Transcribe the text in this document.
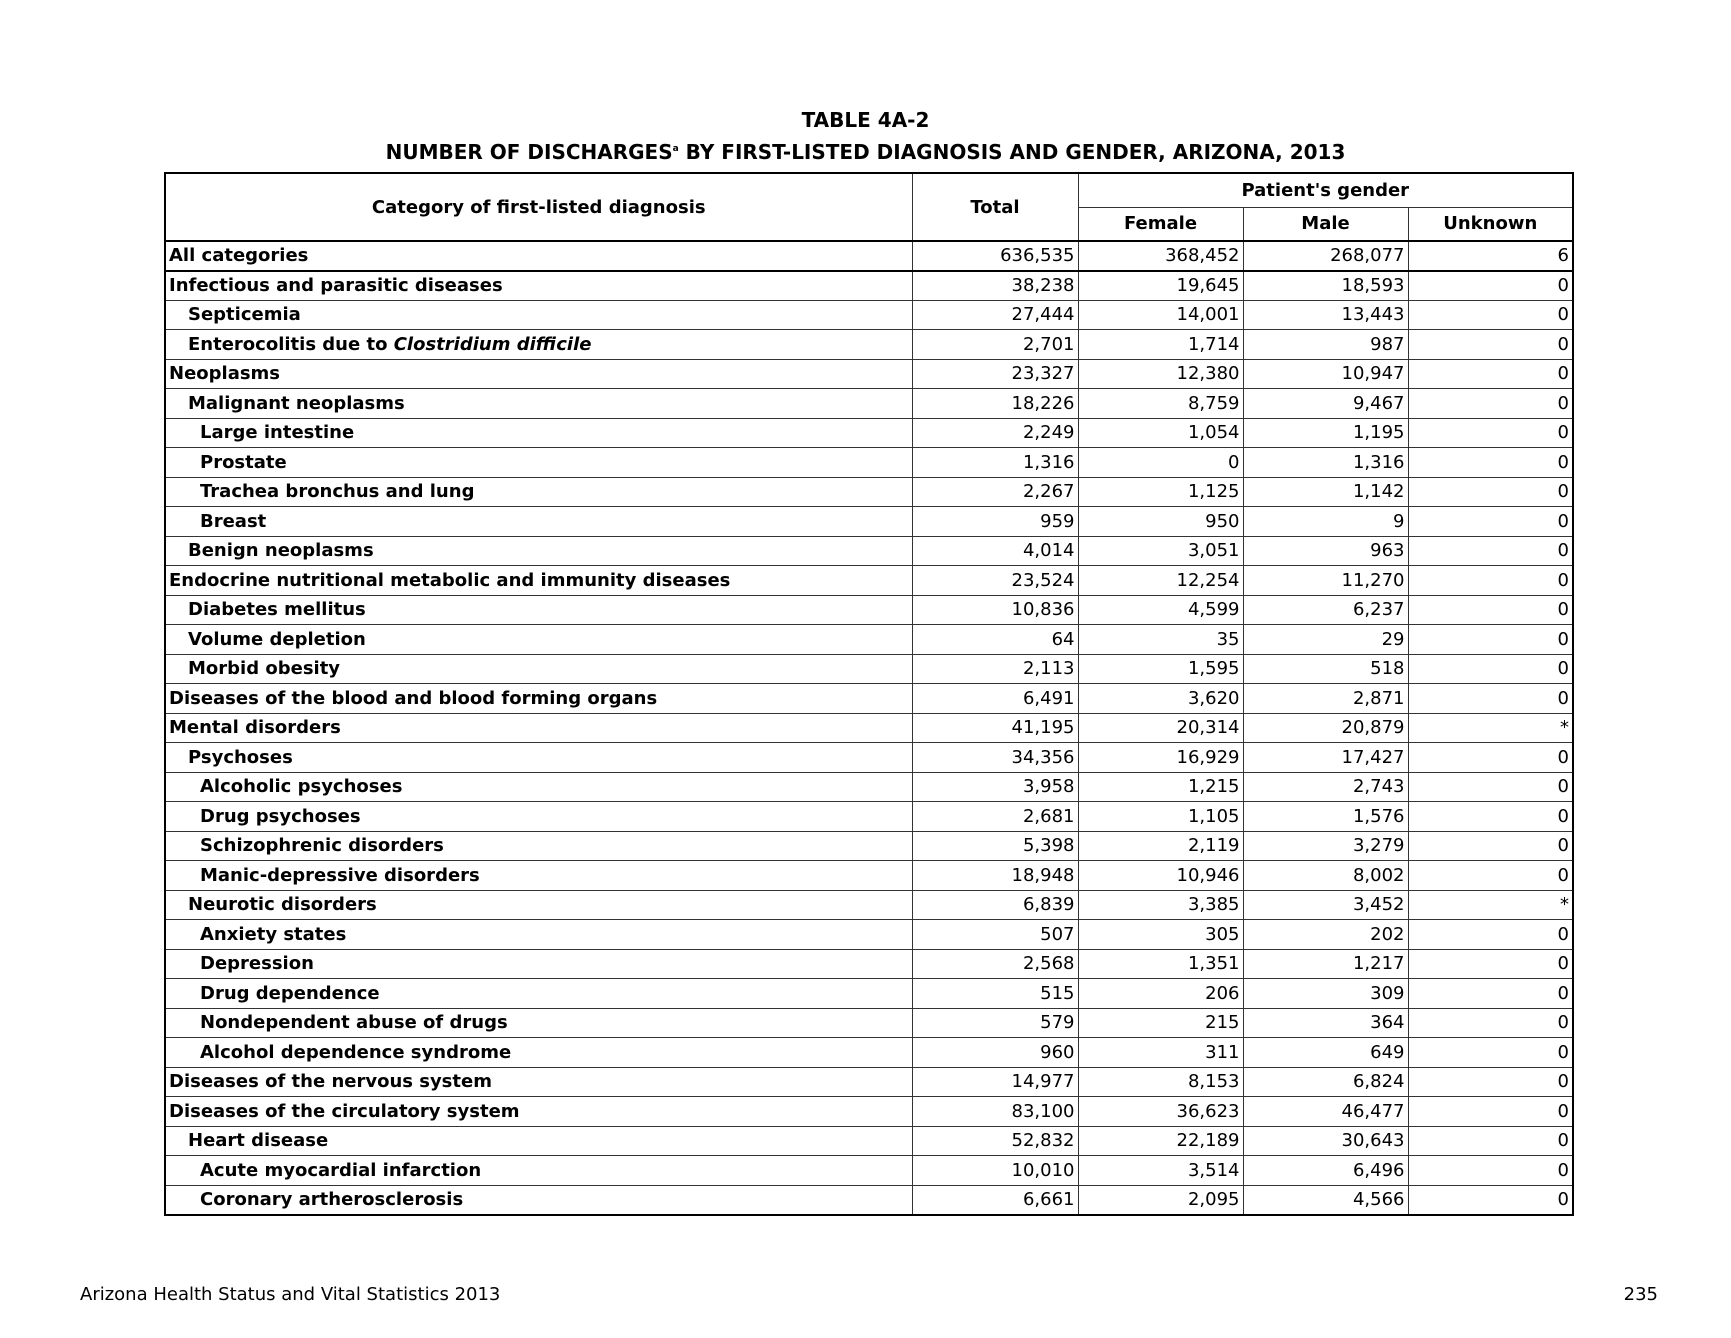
TABLE 4A-2
NUMBER OF DISCHARGES$^a$ BY FIRST-LISTED DIAGNOSIS AND GENDER, ARIZONA, 2013
Category of first-listed diagnosis	Total	Patient's gender		
		Female	Male	Unknown
All categories	636,535	368,452	268,077	6
Infectious and parasitic diseases	38,238	19,645	18,593	0
Septicemia	27,444	14,001	13,443	0
Enterocolitis due to Clostridium difficile	2,701	1,714	987	0
Neoplasms	23,327	12,380	10,947	0
Malignant neoplasms	18,226	8,759	9,467	0
Large intestine	2,249	1,054	1,195	0
Prostate	1,316	0	1,316	0
Trachea bronchus and lung	2,267	1,125	1,142	0
Breast	959	950	9	0
Benign neoplasms	4,014	3,051	963	0
Endocrine nutritional metabolic and immunity diseases	23,524	12,254	11,270	0
Diabetes mellitus	10,836	4,599	6,237	0
Volume depletion	64	35	29	0
Morbid obesity	2,113	1,595	518	0
Diseases of the blood and blood forming organs	6,491	3,620	2,871	0
Mental disorders	41,195	20,314	20,879	*
Psychoses	34,356	16,929	17,427	0
Alcoholic psychoses	3,958	1,215	2,743	0
Drug psychoses	2,681	1,105	1,576	0
Schizophrenic disorders	5,398	2,119	3,279	0
Manic-depressive disorders	18,948	10,946	8,002	0
Neurotic disorders	6,839	3,385	3,452	*
Anxiety states	507	305	202	0
Depression	2,568	1,351	1,217	0
Drug dependence	515	206	309	0
Nondependent abuse of drugs	579	215	364	0
Alcohol dependence syndrome	960	311	649	0
Diseases of the nervous system	14,977	8,153	6,824	0
Diseases of the circulatory system	83,100	36,623	46,477	0
Heart disease	52,832	22,189	30,643	0
Acute myocardial infarction	10,010	3,514	6,496	0
Coronary artherosclerosis	6,661	2,095	4,566	0
Arizona Health Status and Vital Statistics 2013	235
